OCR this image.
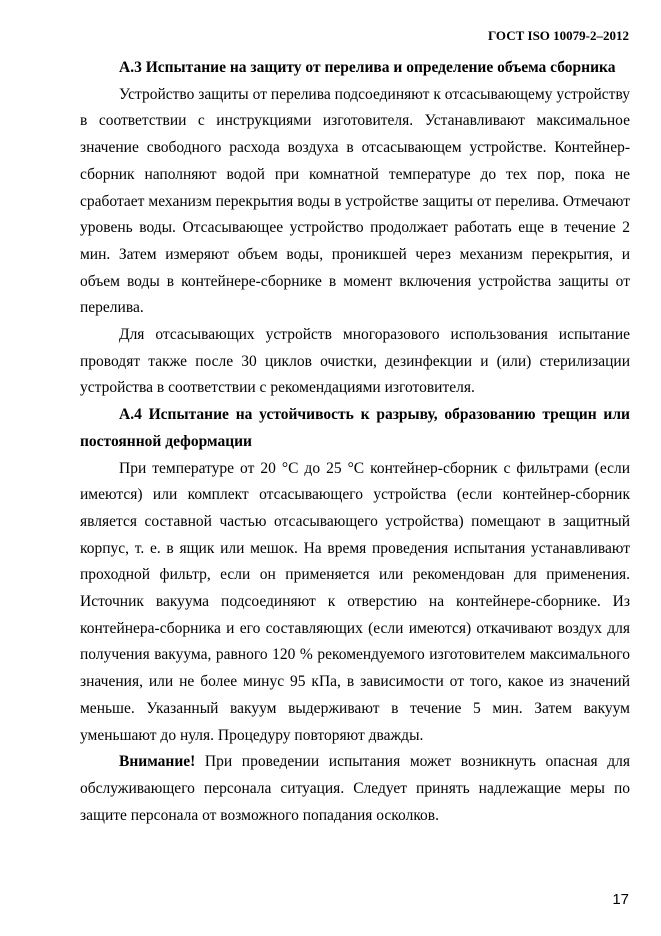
ГОСТ ISO 10079-2–2012
А.3 Испытание на защиту от перелива и определение объема сборника

Устройство защиты от перелива подсоединяют к отсасывающему устройству в соответствии с инструкциями изготовителя. Устанавливают максимальное значение свободного расхода воздуха в отсасывающем устройстве. Контейнер-сборник наполняют водой при комнатной температуре до тех пор, пока не сработает механизм перекрытия воды в устройстве защиты от перелива. Отмечают уровень воды. Отсасывающее устройство продолжает работать еще в течение 2 мин. Затем измеряют объем воды, проникшей через механизм перекрытия, и объем воды в контейнере-сборнике в момент включения устройства защиты от перелива.

Для отсасывающих устройств многоразового использования испытание проводят также после 30 циклов очистки, дезинфекции и (или) стерилизации устройства в соответствии с рекомендациями изготовителя.

А.4 Испытание на устойчивость к разрыву, образованию трещин или постоянной деформации

При температуре от 20 °С до 25 °С контейнер-сборник с фильтрами (если имеются) или комплект отсасывающего устройства (если контейнер-сборник является составной частью отсасывающего устройства) помещают в защитный корпус, т. е. в ящик или мешок. На время проведения испытания устанавливают проходной фильтр, если он применяется или рекомендован для применения. Источник вакуума подсоединяют к отверстию на контейнере-сборнике. Из контейнера-сборника и его составляющих (если имеются) откачивают воздух для получения вакуума, равного 120 % рекомендуемого изготовителем максимального значения, или не более минус 95 кПа, в зависимости от того, какое из значений меньше. Указанный вакуум выдерживают в течение 5 мин. Затем вакуум уменьшают до нуля. Процедуру повторяют дважды.

Внимание! При проведении испытания может возникнуть опасная для обслуживающего персонала ситуация. Следует принять надлежащие меры по защите персонала от возможного попадания осколков.

17
